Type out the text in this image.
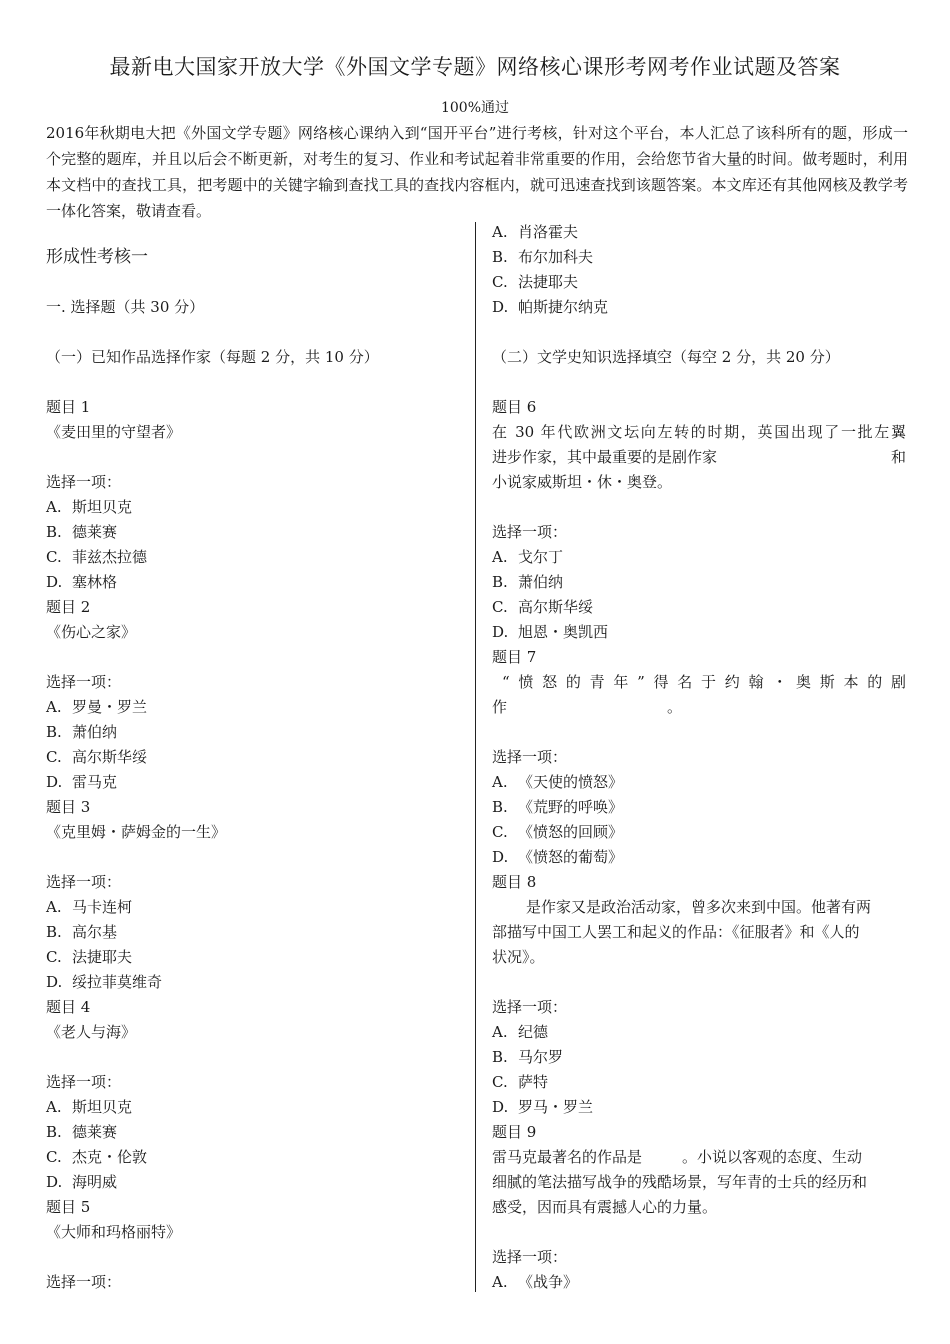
最新电大国家开放大学《外国文学专题》网络核心课形考网考作业试题及答案
100%通过
2016年秋期电大把《外国文学专题》网络核心课纳入到“国开平台”进行考核，针对这个平台，本人汇总了该科所有的题，形成一个完整的题库，并且以后会不断更新，对考生的复习、作业和考试起着非常重要的作用，会给您节省大量的时间。做考题时，利用本文档中的查找工具，把考题中的关键字输到查找工具的查找内容框内，就可迅速查找到该题答案。本文库还有其他网核及教学考一体化答案，敬请查看。
形成性考核一
一. 选择题（共 30 分）
（一）已知作品选择作家（每题 2 分，共 10 分）
题目 1
《麦田里的守望者》
选择一项：
A. 斯坦贝克
B. 德莱赛
C. 菲兹杰拉德
D. 塞林格
题目 2
《伤心之家》
选择一项：
A. 罗曼・罗兰
B. 萧伯纳
C. 高尔斯华绥
D. 雷马克
题目 3
《克里姆・萨姆金的一生》
选择一项：
A. 马卡连柯
B. 高尔基
C. 法捷耶夫
D. 绥拉菲莫维奇
题目 4
《老人与海》
选择一项：
A. 斯坦贝克
B. 德莱赛
C. 杰克・伦敦
D. 海明威
题目 5
《大师和玛格丽特》
选择一项：
A. 肖洛霍夫
B. 布尔加科夫
C. 法捷耶夫
D. 帕斯捷尔纳克
（二）文学史知识选择填空（每空 2 分，共 20 分）
题目 6
在 30 年代欧洲文坛向左转的时期，英国出现了一批左翼
进步作家，其中最重要的是剧作家	和
小说家威斯坦・休・奥登。
选择一项：
A. 戈尔丁
B. 萧伯纳
C. 高尔斯华绥
D. 旭恩・奥凯西
题目 7
“愤怒的青年”得名于约翰・奥斯本的剧
作	。
选择一项：
A. 《天使的愤怒》
B. 《荒野的呼唤》
C. 《愤怒的回顾》
D. 《愤怒的葡萄》
题目 8
是作家又是政治活动家，曾多次来到中国。他著有两
部描写中国工人罢工和起义的作品：《征服者》和《人的
状况》。
选择一项：
A. 纪德
B. 马尔罗
C. 萨特
D. 罗马・罗兰
题目 9
雷马克最著名的作品是	。小说以客观的态度、生动
细腻的笔法描写战争的残酷场景，写年青的士兵的经历和
感受，因而具有震撼人心的力量。
选择一项：
A. 《战争》
